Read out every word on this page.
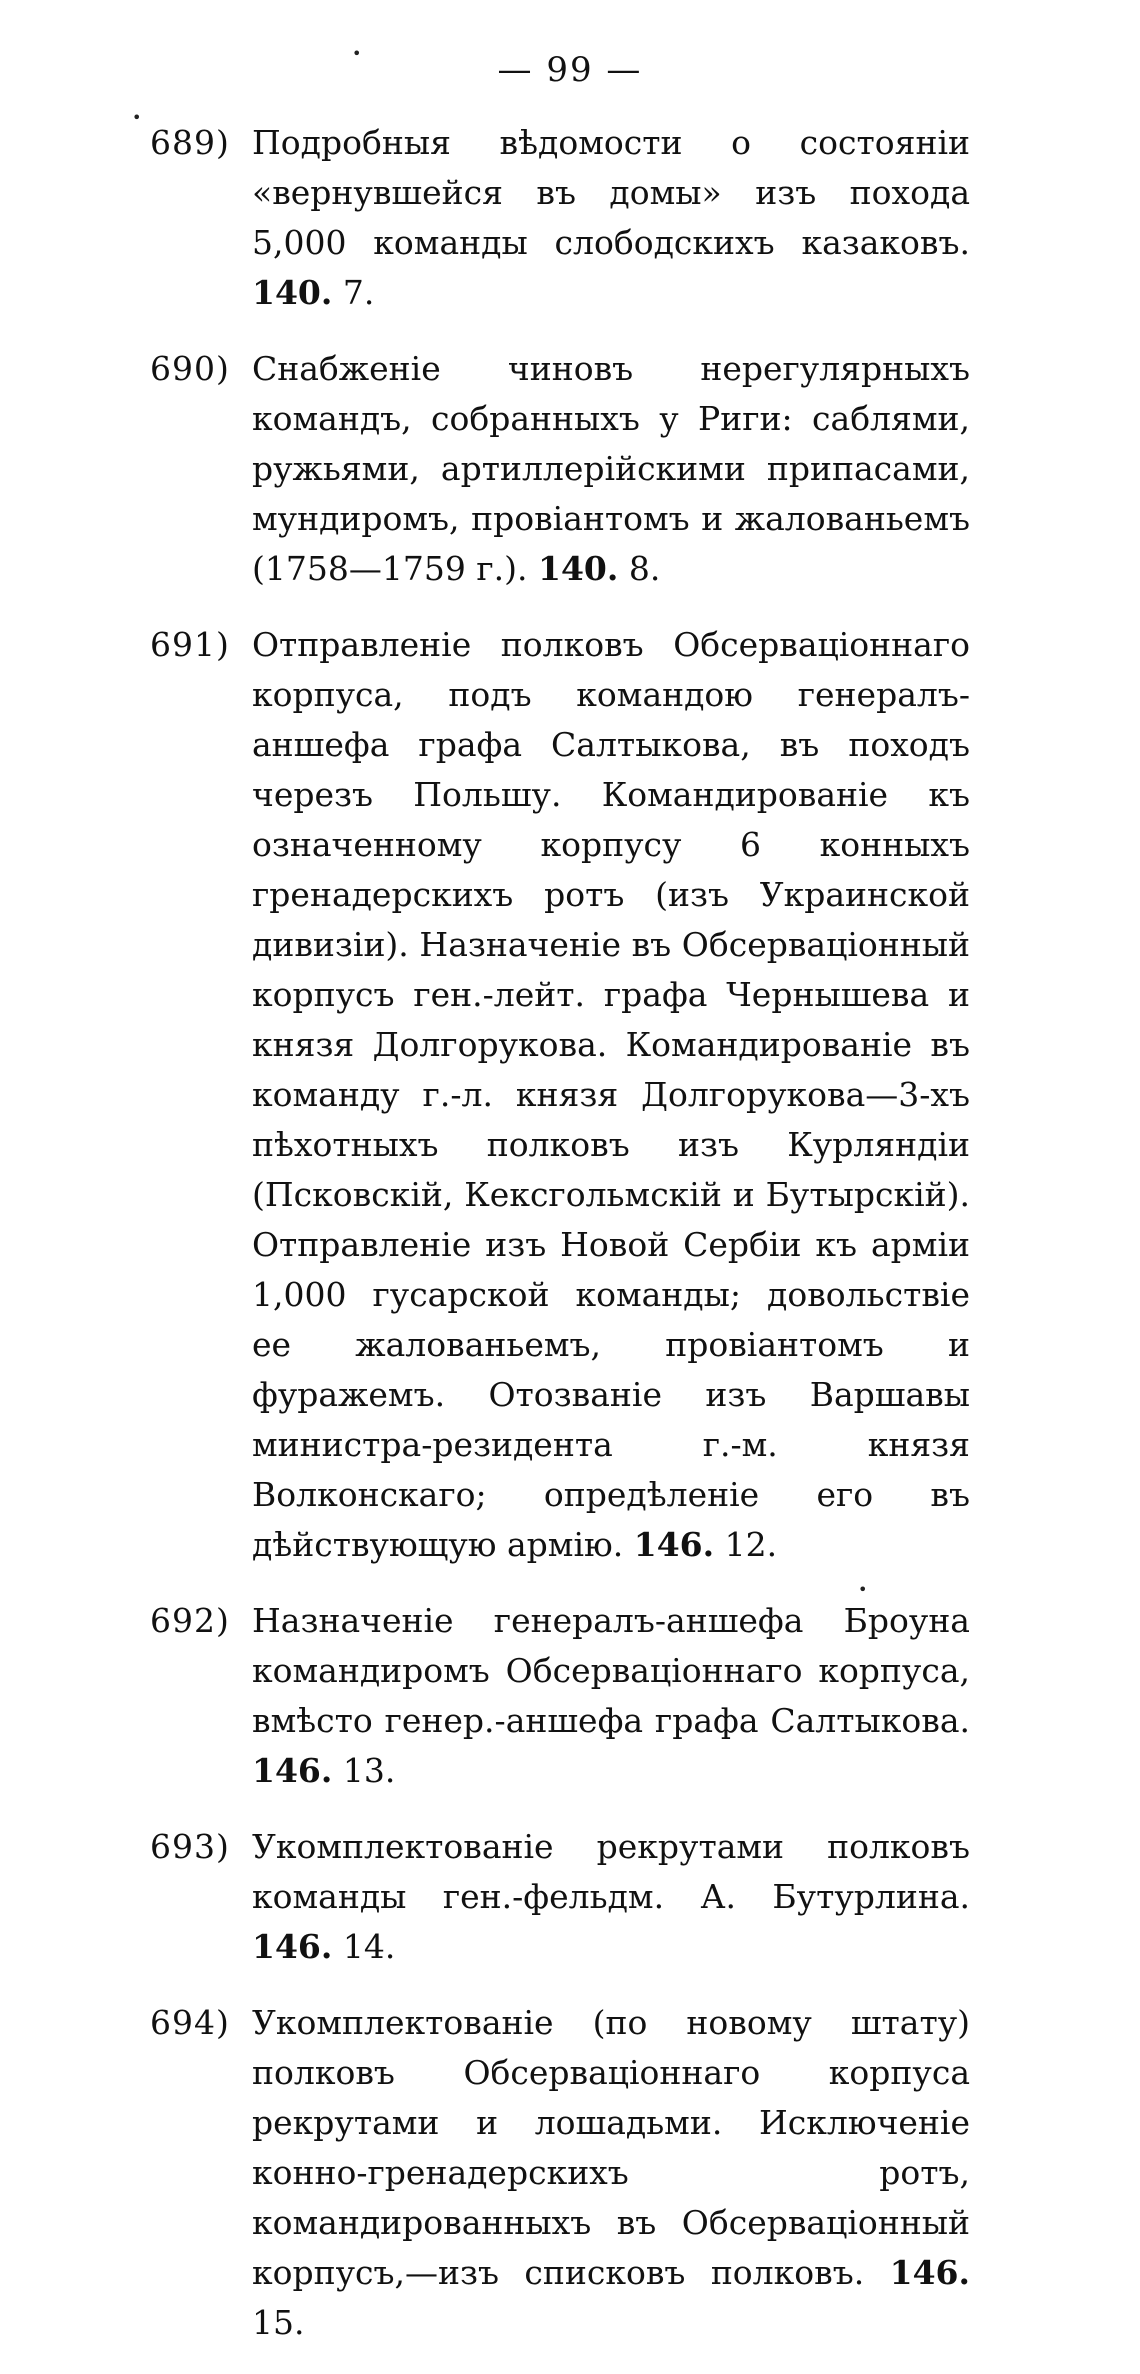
•
•
•
— 99 —
689) Подробныя вѣдомости о состояніи «вернувшейся въ домы» изъ похода 5,000 команды слободскихъ казаковъ. 140. 7.
690) Снабженіе чиновъ нерегулярныхъ командъ, собранныхъ у Риги: саблями, ружьями, артиллерійскими припасами, мундиромъ, провіантомъ и жалованьемъ (1758—1759 г.). 140. 8.
691) Отправленіе полковъ Обсерваціоннаго корпуса, подъ командою генералъ-аншефа графа Салтыкова, въ походъ черезъ Польшу. Командированіе къ означенному корпусу 6 конныхъ гренадерскихъ ротъ (изъ Украинской дивизіи). Назначеніе въ Обсерваціонный корпусъ ген.-лейт. графа Чернышева и князя Долгорукова. Командированіе въ команду г.-л. князя Долгорукова—3-хъ пѣхотныхъ полковъ изъ Курляндіи (Псковскій, Кексгольмскій и Бутырскій). Отправленіе изъ Новой Сербіи къ арміи 1,000 гусарской команды; довольствіе ее жалованьемъ, провіантомъ и фуражемъ. Отозваніе изъ Варшавы министра-резидента г.-м. князя Волконскаго; опредѣленіе его въ дѣйствующую армію. 146. 12.
692) Назначеніе генералъ-аншефа Броуна командиромъ Обсерваціоннаго корпуса, вмѣсто генер.-аншефа графа Салтыкова. 146. 13.
693) Укомплектованіе рекрутами полковъ команды ген.-фельдм. А. Бутурлина. 146. 14.
694) Укомплектованіе (по новому штату) полковъ Обсерваціоннаго корпуса рекрутами и лошадьми. Исключеніе конно-гренадерскихъ ротъ, командированныхъ въ Обсерваціонный корпусъ,—изъ списковъ полковъ. 146. 15.
